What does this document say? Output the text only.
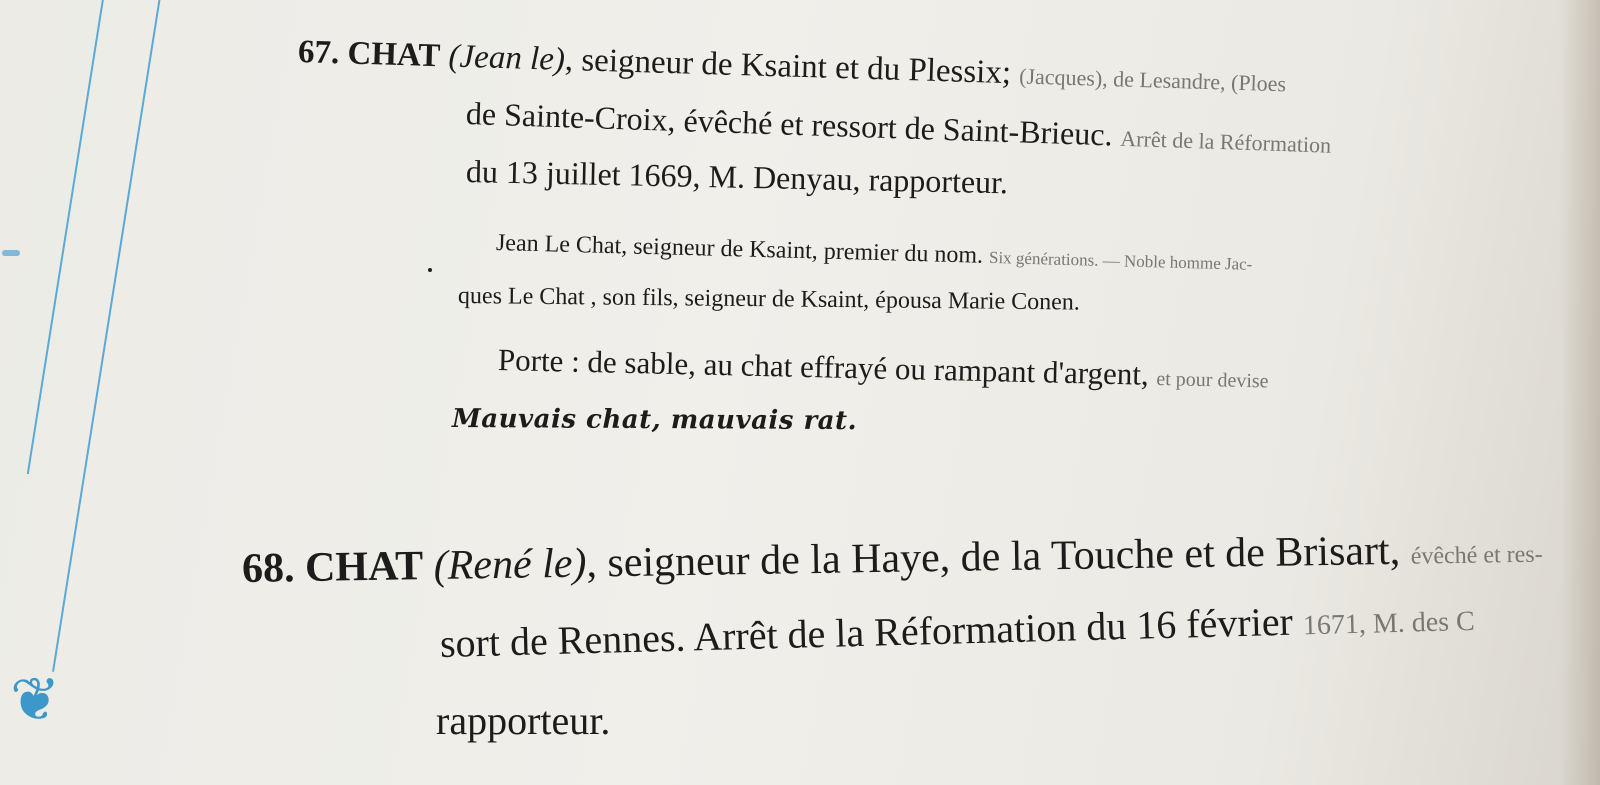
❦
67. CHAT (Jean le), seigneur de Ksaint et du Plessix; (Jacques), de Lesandre, (Ploes
de Sainte-Croix, évêché et ressort de Saint-Brieuc. Arrêt de la Réformation
du 13 juillet 1669, M. Denyau, rapporteur.
Jean Le Chat, seigneur de Ksaint, premier du nom. Six générations. — Noble homme Jac-
ques Le Chat , son fils, seigneur de Ksaint, épousa Marie Conen.
Porte : de sable, au chat effrayé ou rampant d'argent, et pour devise
Mauvais chat, mauvais rat.
68. CHAT (René le), seigneur de la Haye, de la Touche et de Brisart, évêché et res-
sort de Rennes. Arrêt de la Réformation du 16 février 1671, M. des C
rapporteur.
